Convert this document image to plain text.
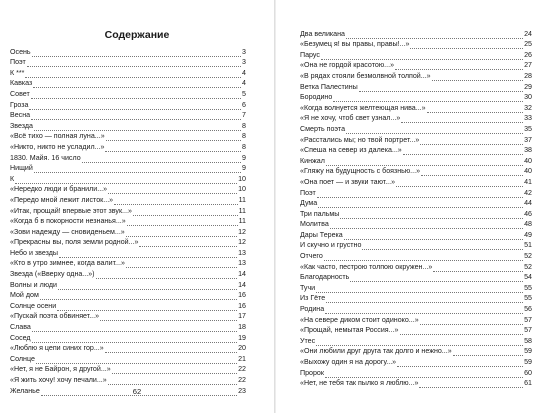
Содержание
Осень	3
Поэт	3
К ***	4
Кавказ	4
Совет	5
Гроза	6
Весна	7
Звезда	8
«Всё тихо — полная луна...»	8
«Никто, никто не усладил...»	8
1830. Майя. 16 число	9
Нищий	9
К	10
«Нередко люди и бранили...»	10
«Передо мной лежит листок...»	11
«Итак, прощай! впервые этот звук...»	11
«Когда б в покорности незнанья...»	11
«Зови надежду — сновиденьем...»	12
«Прекрасны вы, поля земли родной...»	12
Небо и звезды	13
«Кто в утро зимнее, когда валит...»	13
Звезда («Вверху одна...»)	14
Волны и люди	14
Мой дом	16
Солнце осени	16
«Пускай поэта обвиняет...»	17
Слава	18
Сосед	19
«Люблю я цепи синих гор...»	20
Солнце	21
«Нет, я не Байрон, я другой...»	22
«Я жить хочу! хочу печали...»	22
Желанье	23

62

Два великана	24
«Безумец я! вы правы, правы!...»	25
Парус	26
«Она не гордой красотою...»	27
«В рядах стояли безмолвной толпой...»	28
Ветка Палестины	29
Бородино	30
«Когда волнуется желтеющая нива...»	32
«Я не хочу, чтоб свет узнал...»	33
Смерть поэта	35
«Расстались мы; но твой портрет...»	37
«Спеша на север из далека...»	38
Кинжал	40
«Гляжу на будущность с боязнью...»	40
«Она поет — и звуки тают...»	41
Поэт	42
Дума	44
Три пальмы	46
Молитва	48
Дары Терека	49
И скучно и грустно	51
Отчего	52
«Как часто, пестрою толпою окружен...»	52
Благодарность	54
Тучи	55
Из Гёте	55
Родина	56
«На севере диком стоит одиноко...»	57
«Прощай, немытая Россия...»	57
Утес	58
«Они любили друг друга так долго и нежно...»	59
«Выхожу один я на дорогу...»	59
Пророк	60
«Нет, не тебя так пылко я люблю...»	61
